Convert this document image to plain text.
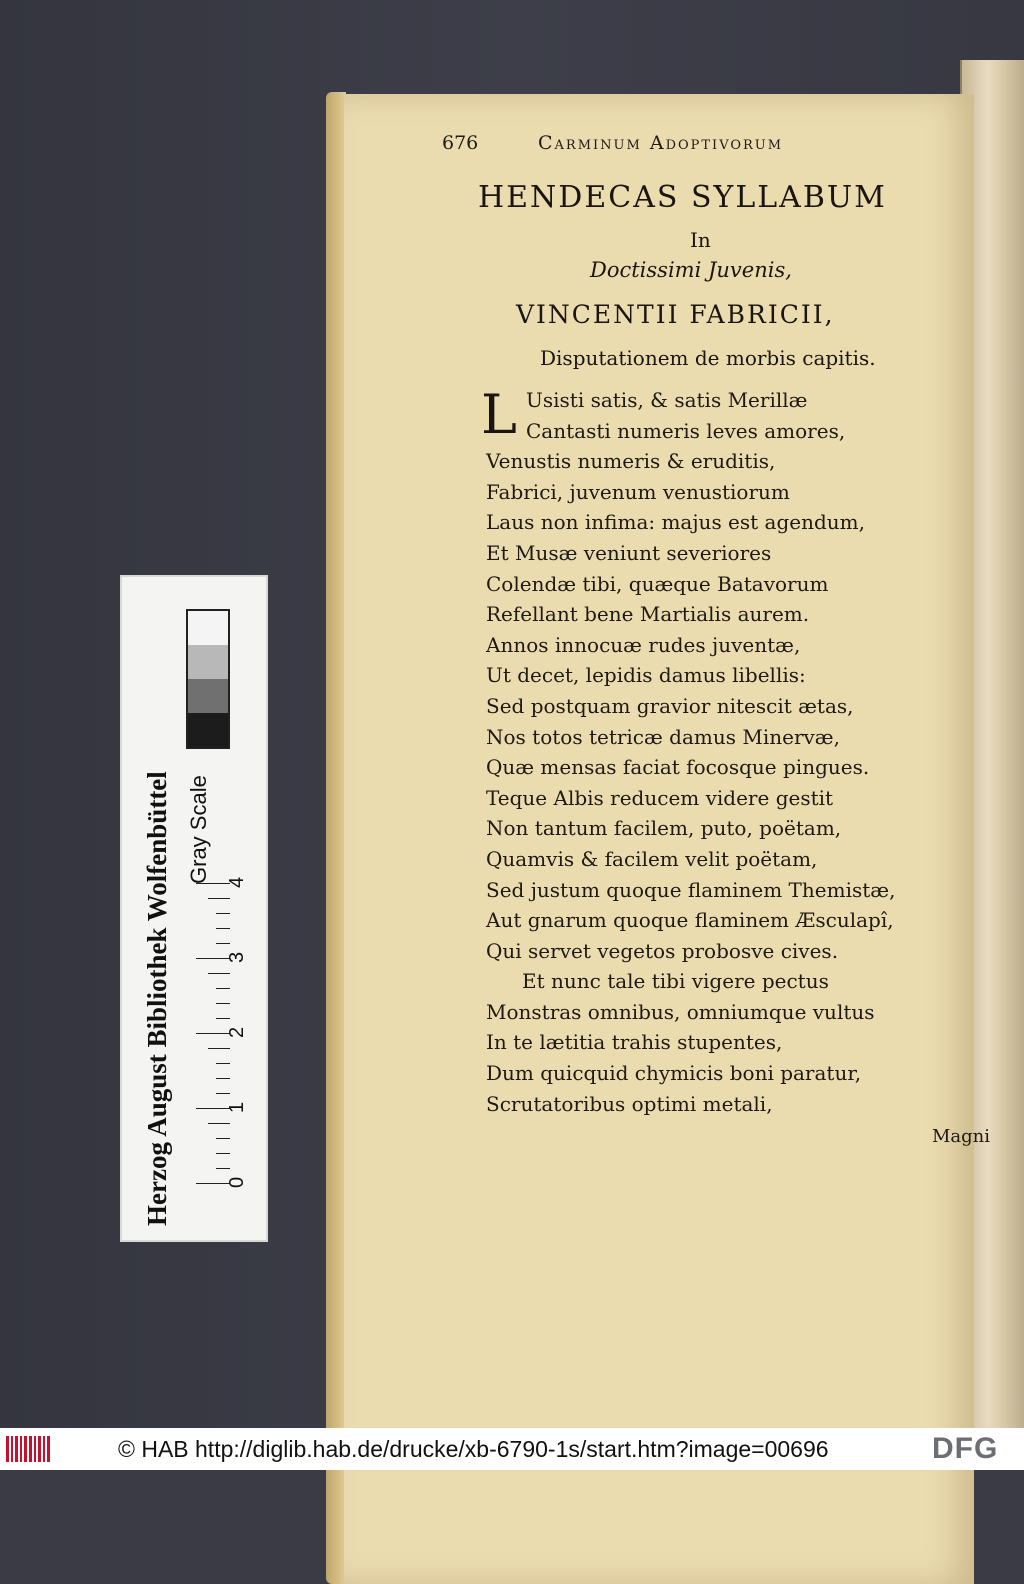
Herzog August Bibliothek Wolfenbüttel	0
1
2
3
4
Gray Scale
676	Carminum Adoptivorum
HENDECAS SYLLABUM
In
Doctissimi Juvenis,
VINCENTII FABRICII,
Disputationem de morbis capitis.
L Usisti satis, & satis Merillæ
Cantasti numeris leves amores,
Venustis numeris & eruditis,
Fabrici, juvenum venustiorum
Laus non infima: majus est agendum,
Et Musæ veniunt severiores
Colendæ tibi, quæque Batavorum
Refellant bene Martialis aurem.
Annos innocuæ rudes juventæ,
Ut decet, lepidis damus libellis:
Sed postquam gravior nitescit ætas,
Nos totos tetricæ damus Minervæ,
Quæ mensas faciat focosque pingues.
Teque Albis reducem videre gestit
Non tantum facilem, puto, poëtam,
Quamvis & facilem velit poëtam,
Sed justum quoque flaminem Themistæ,
Aut gnarum quoque flaminem Æsculapî,
Qui servet vegetos probosve cives.
Et nunc tale tibi vigere pectus
Monstras omnibus, omniumque vultus
In te lætitia trahis stupentes,
Dum quicquid chymicis boni paratur,
Scrutatoribus optimi metali,
Magni
© HAB http://diglib.hab.de/drucke/xb-6790-1s/start.htm?image=00696	DFG
